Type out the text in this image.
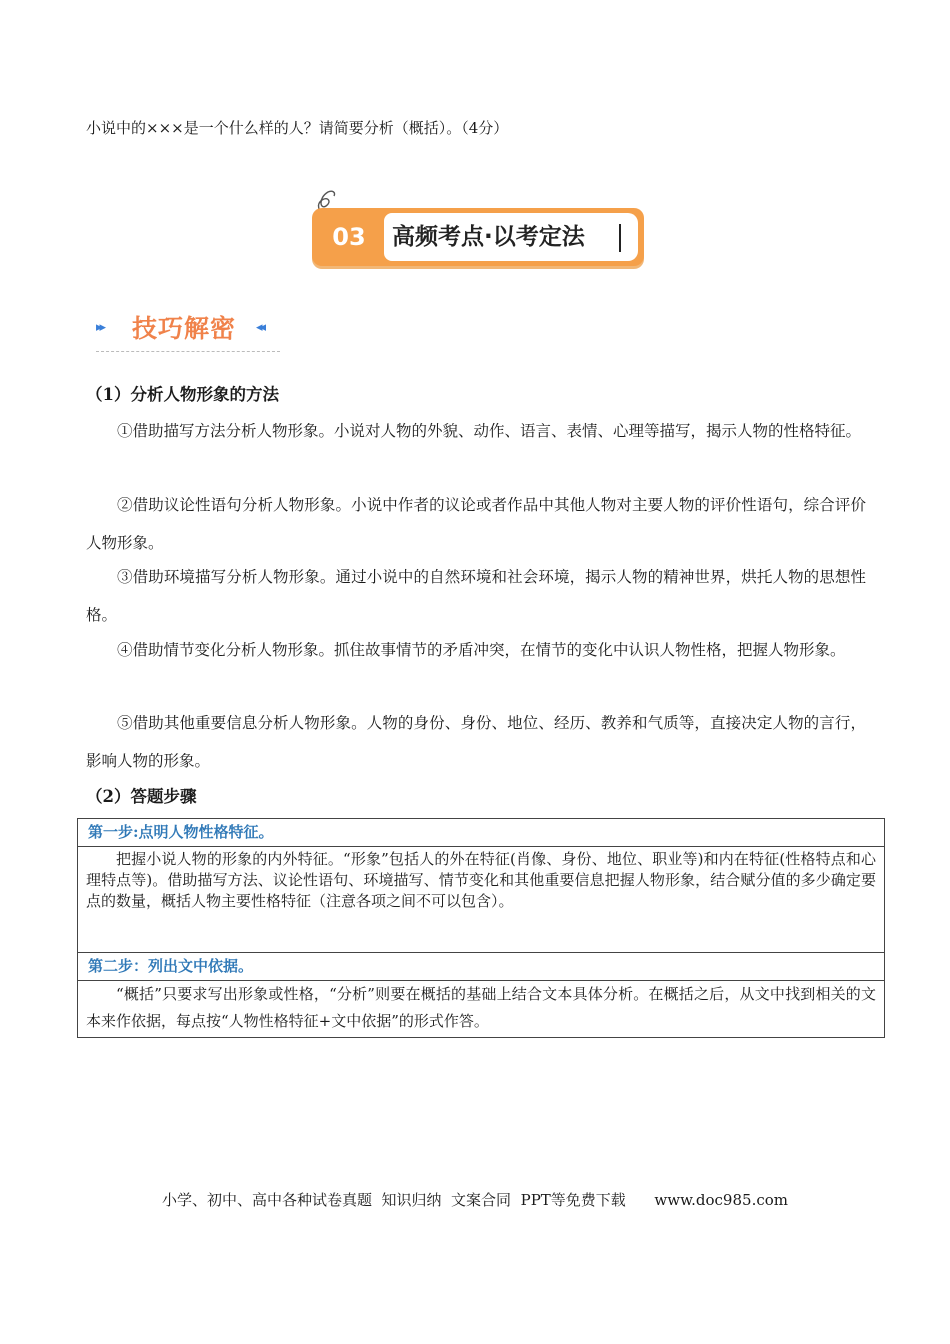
小说中的×××是一个什么样的人？请简要分析（概括）。（4分）
03	高频考点·以考定法
▸▸ 技巧解密 ◂◂
（1）分析人物形象的方法
①借助描写方法分析人物形象。小说对人物的外貌、动作、语言、表情、心理等描写，揭示人物的性格特征。
②借助议论性语句分析人物形象。小说中作者的议论或者作品中其他人物对主要人物的评价性语句，综合评价人物形象。
③借助环境描写分析人物形象。通过小说中的自然环境和社会环境，揭示人物的精神世界，烘托人物的思想性格。
④借助情节变化分析人物形象。抓住故事情节的矛盾冲突，在情节的变化中认识人物性格，把握人物形象。
⑤借助其他重要信息分析人物形象。人物的身份、身份、地位、经历、教养和气质等，直接决定人物的言行，影响人物的形象。
（2）答题步骤
第一步:点明人物性格特征。
把握小说人物的形象的内外特征。“形象”包括人的外在特征(肖像、身份、地位、职业等)和内在特征(性格特点和心理特点等)。借助描写方法、议论性语句、环境描写、情节变化和其他重要信息把握人物形象，结合赋分值的多少确定要点的数量，概括人物主要性格特征（注意各项之间不可以包含）。
第二步：列出文中依据。
“概括”只要求写出形象或性格，“分析”则要在概括的基础上结合文本具体分析。在概括之后，从文中找到相关的文本来作依据，每点按“人物性格特征+文中依据”的形式作答。
小学、初中、高中各种试卷真题  知识归纳  文案合同  PPT等免费下载      www.doc985.com
